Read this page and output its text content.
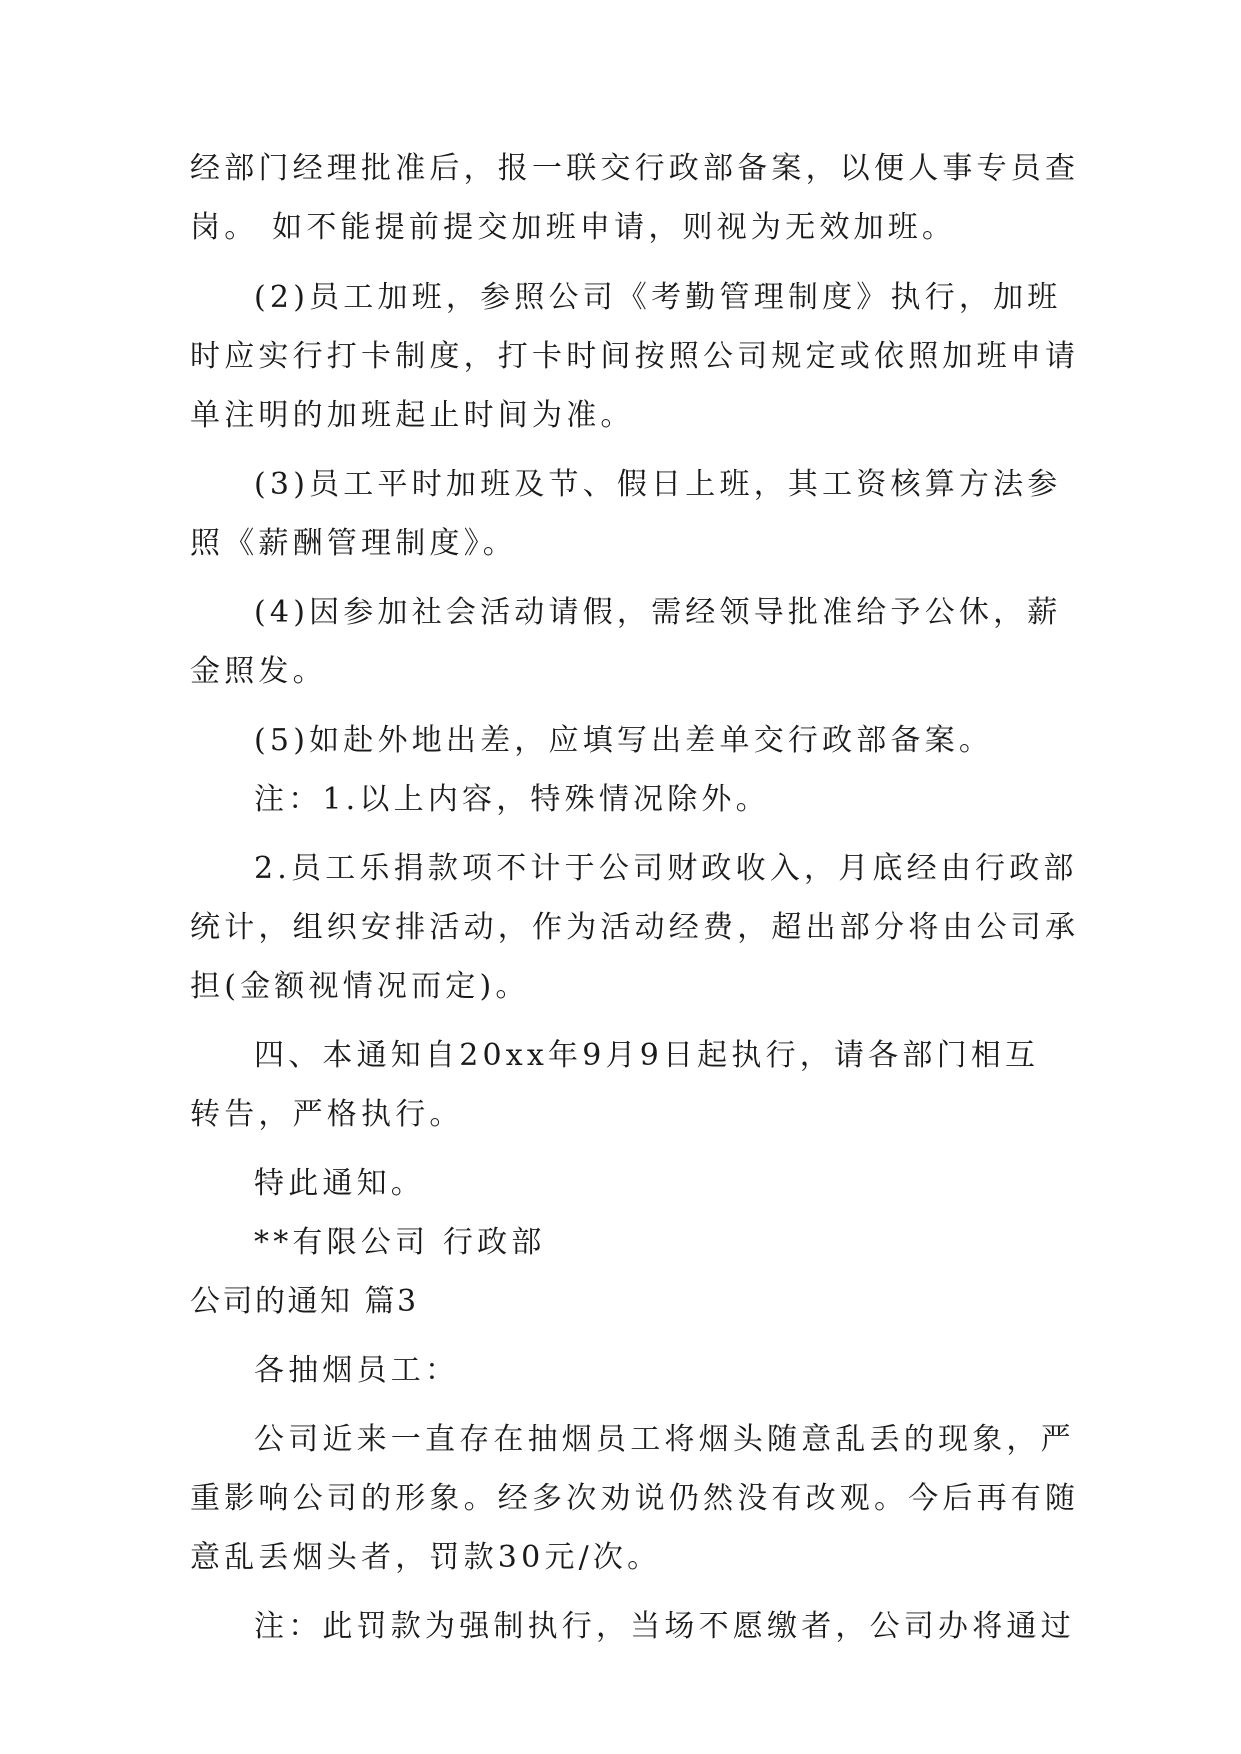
经部门经理批准后，报一联交行政部备案，以便人事专员查
岗。 如不能提前提交加班申请，则视为无效加班。
(2)员工加班，参照公司《考勤管理制度》执行，加班
时应实行打卡制度，打卡时间按照公司规定或依照加班申请
单注明的加班起止时间为准。
(3)员工平时加班及节、假日上班，其工资核算方法参
照《薪酬管理制度》。
(4)因参加社会活动请假，需经领导批准给予公休，薪
金照发。
(5)如赴外地出差，应填写出差单交行政部备案。
注：1.以上内容，特殊情况除外。
2.员工乐捐款项不计于公司财政收入，月底经由行政部
统计，组织安排活动，作为活动经费，超出部分将由公司承
担(金额视情况而定)。
四、本通知自20xx年9月9日起执行，请各部门相互
转告，严格执行。
特此通知。
**有限公司 行政部
公司的通知 篇3
各抽烟员工：
公司近来一直存在抽烟员工将烟头随意乱丢的现象，严
重影响公司的形象。经多次劝说仍然没有改观。今后再有随
意乱丢烟头者，罚款30元/次。
注：此罚款为强制执行，当场不愿缴者，公司办将通过
